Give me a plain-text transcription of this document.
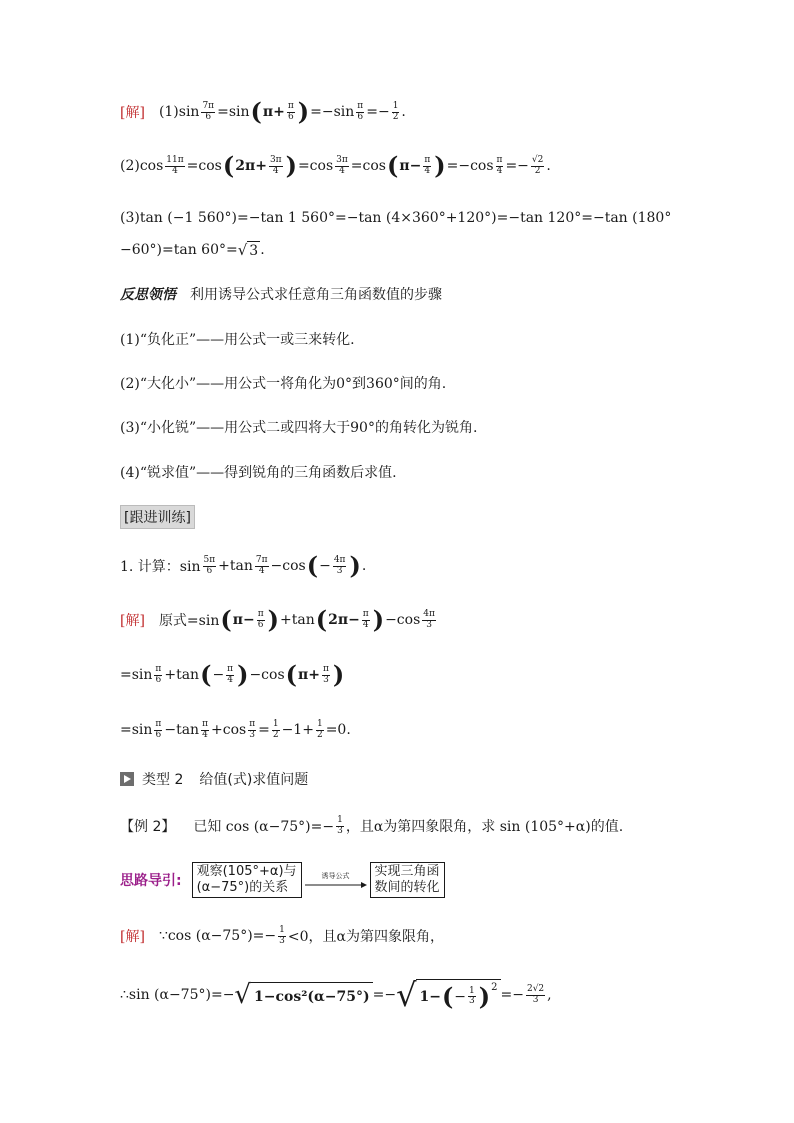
[解] $(1)\sin \frac{7\pi}{6} =\sin$ ( $\pi+ \frac{\pi}{6}$ ) $=-\sin \frac{\pi}{6} =- \frac{1}{2}$ .
$(2)\cos \frac{11\pi}{4} =\cos$ ( $2\pi+ \frac{3\pi}{4}$ ) $=\cos \frac{3\pi}{4} =\cos$ ( $\pi- \frac{\pi}{4}$ ) $=-\cos \frac{\pi}{4} =- \frac{√2}{2}$ .
(3)tan (−1 560°)=−tan 1 560°=−tan (4×360°+120°)=−tan 120°=−tan (180°
−60°)=tan 60°= √ 3 .
反思领悟 利用诱导公式求任意角三角函数值的步骤
(1)“负化正”——用公式一或三来转化.
(2)“大化小”——用公式一将角化为0°到360°间的角.
(3)“小化锐”——用公式二或四将大于90°的角转化为锐角.
(4)“锐求值”——得到锐角的三角函数后求值.
[跟进训练]
1. 计算：$\sin \frac{5\pi}{6} +\tan \frac{7\pi}{4} -\cos$ ( − $\frac{4\pi}{3}$ ) .
[解] 原式=sin ( $\pi- \frac{\pi}{6}$ ) +tan ( $2\pi- \frac{\pi}{4}$ ) $-\cos \frac{4\pi}{3}$
$=\sin \frac{\pi}{6} +\tan$ ( − $\frac{\pi}{4}$ ) −cos ( $\pi+ \frac{\pi}{3}$ )
$=\sin \frac{\pi}{6} -\tan \frac{\pi}{4} +\cos \frac{\pi}{3} = \frac{1}{2} -1+ \frac{1}{2} =0$.
类型 2 给值(式)求值问题
【例 2】 已知 $\cos (\alpha-75^\circ)=- \frac{1}{3}$ ，且α为第四象限角，求 sin (105°+α)的值.
思路导引:
观察(105°+α)与
(α−75°)的关系
诱导公式 实现三角函
数间的转化
[解] ∵cos $(\alpha-75^\circ)=- \frac{1}{3} <0$，且α为第四象限角，
∴sin (α−75°)=− √ 1−cos²(α−75°) =− √ 1− ( − $\frac{1}{3} )^2 =- \frac{2√2}{3}$ ,
